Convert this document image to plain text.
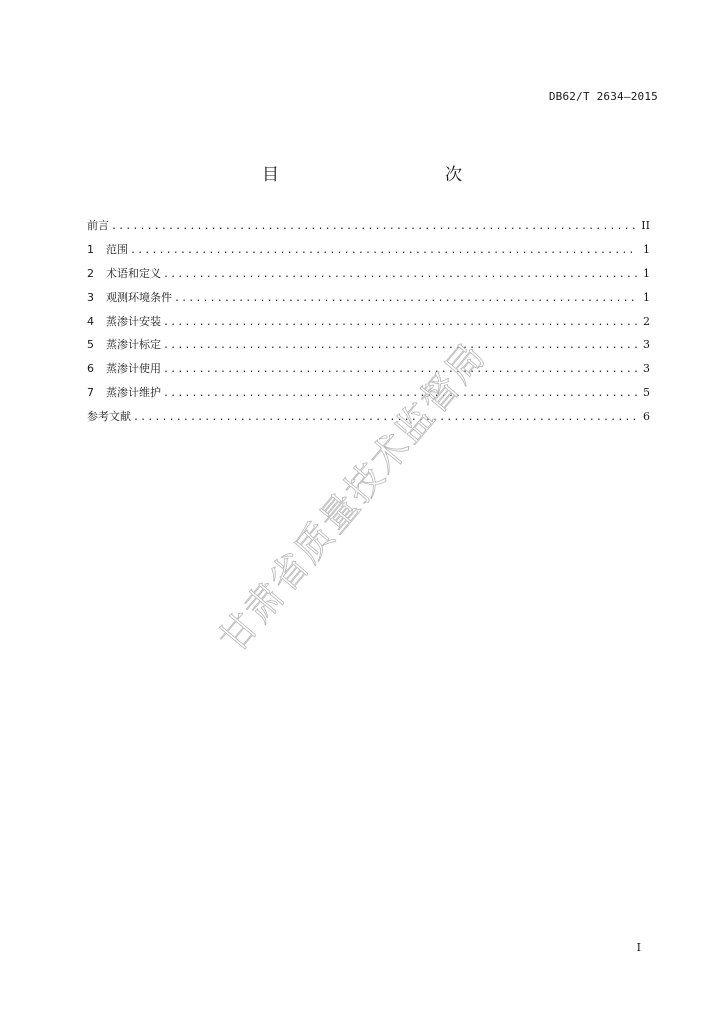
DB62/T 2634—2015
目　　次
前言 .....	II
1	范围 .....	1
2	术语和定义 .....	1
3	观测环境条件 .....	1
4	蒸渗计安装 .....	2
5	蒸渗计标定 .....	3
6	蒸渗计使用 .....	3
7	蒸渗计维护 .....	5
参考文献 .....	6
甘肃省质量技术监督局
I
